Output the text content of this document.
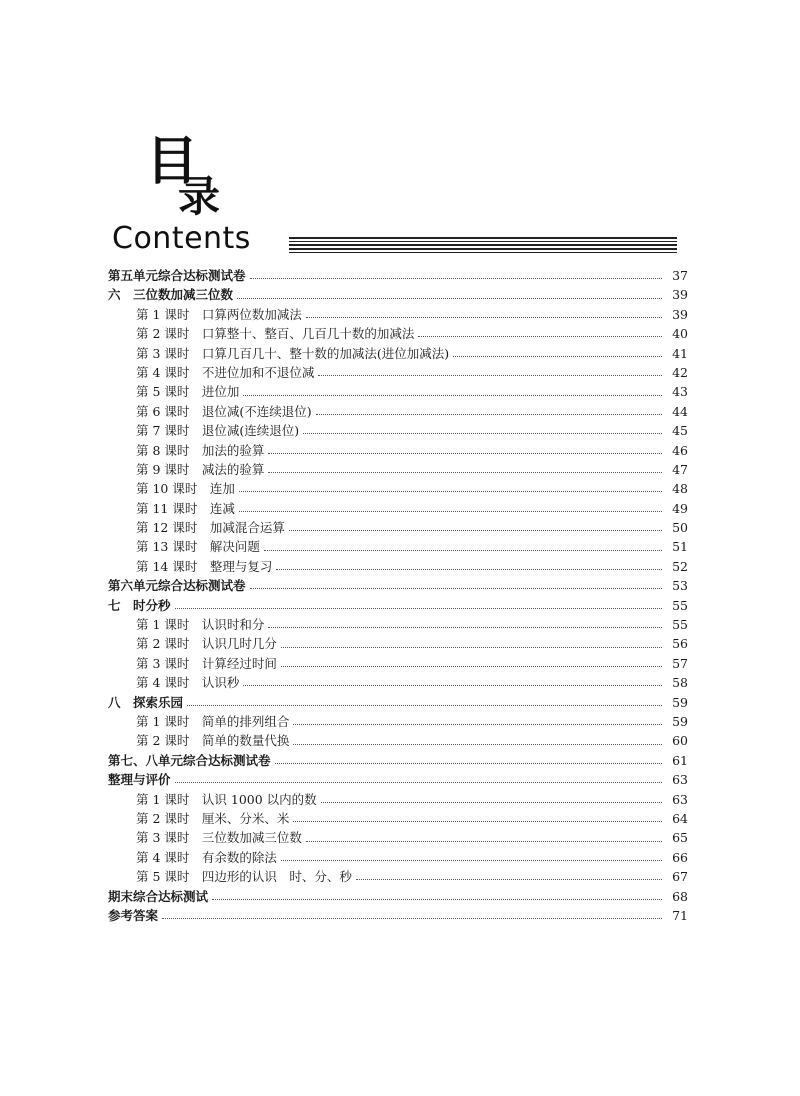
目
录
Contents
第五单元综合达标测试卷	37
六　三位数加减三位数	39
第 1 课时　口算两位数加减法	39
第 2 课时　口算整十、整百、几百几十数的加减法	40
第 3 课时　口算几百几十、整十数的加减法(进位加减法)	41
第 4 课时　不进位加和不退位减	42
第 5 课时　进位加	43
第 6 课时　退位减(不连续退位)	44
第 7 课时　退位减(连续退位)	45
第 8 课时　加法的验算	46
第 9 课时　减法的验算	47
第 10 课时　连加	48
第 11 课时　连减	49
第 12 课时　加减混合运算	50
第 13 课时　解决问题	51
第 14 课时　整理与复习	52
第六单元综合达标测试卷	53
七　时分秒	55
第 1 课时　认识时和分	55
第 2 课时　认识几时几分	56
第 3 课时　计算经过时间	57
第 4 课时　认识秒	58
八　探索乐园	59
第 1 课时　简单的排列组合	59
第 2 课时　简单的数量代换	60
第七、八单元综合达标测试卷	61
整理与评价	63
第 1 课时　认识 1000 以内的数	63
第 2 课时　厘米、分米、米	64
第 3 课时　三位数加减三位数	65
第 4 课时　有余数的除法	66
第 5 课时　四边形的认识　时、分、秒	67
期末综合达标测试	68
参考答案	71
